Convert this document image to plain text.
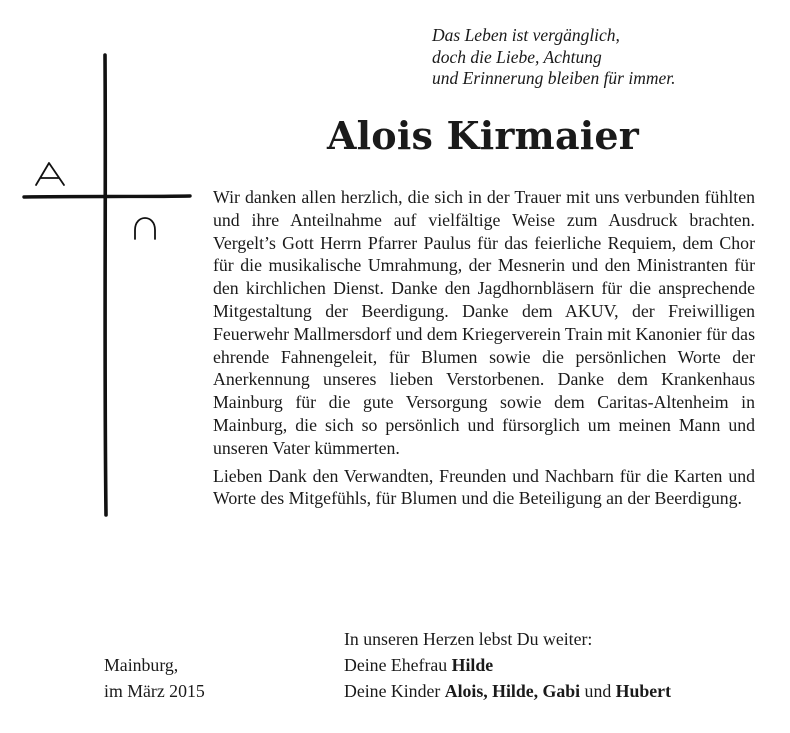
Das Leben ist vergänglich,
doch die Liebe, Achtung
und Erinnerung bleiben für immer.
Alois Kirmaier

Wir danken allen herzlich, die sich in der Trauer mit uns verbunden fühlten und ihre Anteilnahme auf vielfältige Weise zum Ausdruck brachten. Vergelt’s Gott Herrn Pfarrer Paulus für das feierliche Requiem, dem Chor für die musikalische Umrahmung, der Mesnerin und den Ministranten für den kirchlichen Dienst. Danke den Jagdhornbläsern für die ansprechende Mitgestaltung der Beerdigung. Danke dem AKUV, der Freiwilligen Feuerwehr Mallmersdorf und dem Kriegerverein Train mit Kanonier für das ehrende Fahnengeleit, für Blumen sowie die persönlichen Worte der Anerkennung unseres lieben Verstorbenen. Danke dem Krankenhaus Mainburg für die gute Versorgung sowie dem Caritas-Altenheim in Mainburg, die sich so persönlich und fürsorglich um meinen Mann und unseren Vater kümmerten.

Lieben Dank den Verwandten, Freunden und Nachbarn für die Karten und Worte des Mitgefühls, für Blumen und die Beteiligung an der Beerdigung.

In unseren Herzen lebst Du weiter:
Deine Ehefrau Hilde
Deine Kinder Alois, Hilde, Gabi und Hubert
Mainburg,
im März 2015
